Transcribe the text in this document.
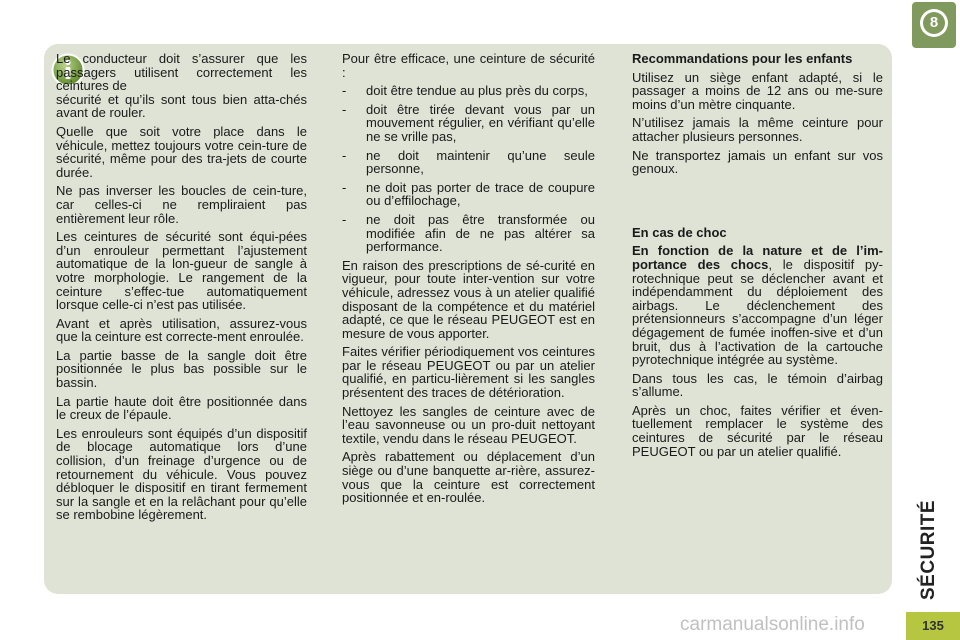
8
SÉCURITÉ
135

Le conducteur doit s’assurer que les passagers utilisent correctement les ceintures de

sécurité et qu’ils sont tous bien atta-chés avant de rouler.

Quelle que soit votre place dans le véhicule, mettez toujours votre cein-ture de sécurité, même pour des tra-jets de courte durée.

Ne pas inverser les boucles de cein-ture, car celles-ci ne rempliraient pas entièrement leur rôle.

Les ceintures de sécurité sont équi-pées d’un enrouleur permettant l’ajustement automatique de la lon-gueur de sangle à votre morphologie. Le rangement de la ceinture s’effec-tue automatiquement lorsque celle-ci n’est pas utilisée.

Avant et après utilisation, assurez-vous que la ceinture est correcte-ment enroulée.

La partie basse de la sangle doit être positionnée le plus bas possible sur le bassin.

La partie haute doit être positionnée dans le creux de l’épaule.

Les enrouleurs sont équipés d’un dispositif de blocage automatique lors d’une collision, d’un freinage d’urgence ou de retournement du véhicule. Vous pouvez débloquer le dispositif en tirant fermement sur la sangle et en la relâchant pour qu’elle se rembobine légèrement.

Pour être efficace, une ceinture de sécurité :

- doit être tendue au plus près du corps,
- doit être tirée devant vous par un mouvement régulier, en vérifiant qu’elle ne se vrille pas,
- ne doit maintenir qu’une seule personne,
- ne doit pas porter de trace de coupure ou d’effilochage,
- ne doit pas être transformée ou modifiée afin de ne pas altérer sa performance.

En raison des prescriptions de sé-curité en vigueur, pour toute inter-vention sur votre véhicule, adressez vous à un atelier qualifié disposant de la compétence et du matériel adapté, ce que le réseau PEUGEOT est en mesure de vous apporter.

Faites vérifier périodiquement vos ceintures par le réseau PEUGEOT ou par un atelier qualifié, en particu-lièrement si les sangles présentent des traces de détérioration.

Nettoyez les sangles de ceinture avec de l’eau savonneuse ou un pro-duit nettoyant textile, vendu dans le réseau PEUGEOT.

Après rabattement ou déplacement d’un siège ou d’une banquette ar-rière, assurez-vous que la ceinture est correctement positionnée et en-roulée.

Recommandations pour les enfants

Utilisez un siège enfant adapté, si le passager a moins de 12 ans ou me-sure moins d’un mètre cinquante.

N’utilisez jamais la même ceinture pour attacher plusieurs personnes.

Ne transportez jamais un enfant sur vos genoux.

En cas de choc

En fonction de la nature et de l’im-portance des chocs, le dispositif py-rotechnique peut se déclencher avant et indépendamment du déploiement des airbags. Le déclenchement des prétensionneurs s’accompagne d’un léger dégagement de fumée inoffen-sive et d’un bruit, dus à l’activation de la cartouche pyrotechnique intégrée au système.

Dans tous les cas, le témoin d’airbag s’allume.

Après un choc, faites vérifier et éven-tuellement remplacer le système des ceintures de sécurité par le réseau PEUGEOT ou par un atelier qualifié.

carmanualsonline.info
